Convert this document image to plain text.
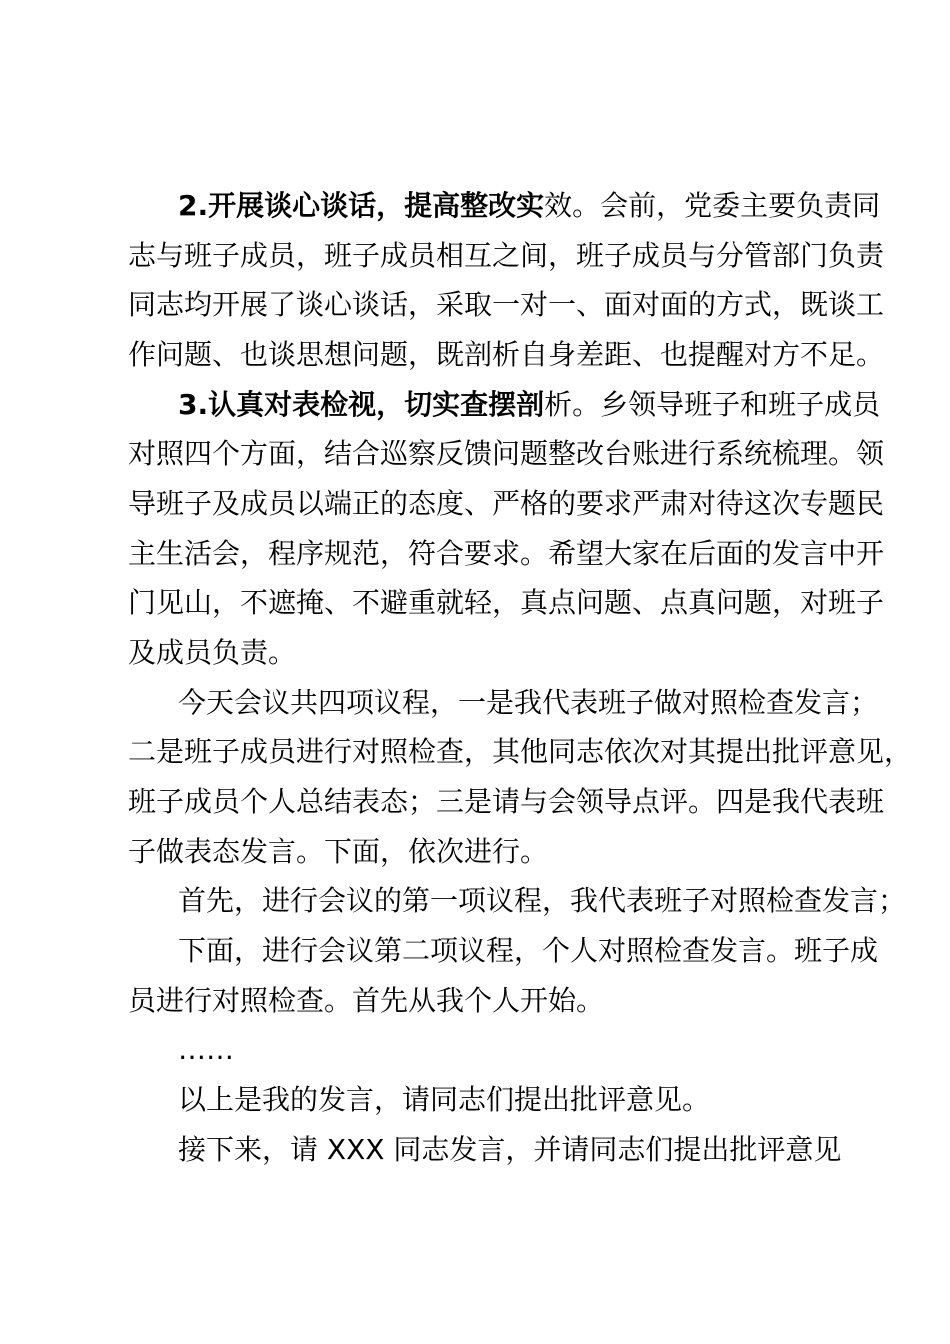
2.开展谈心谈话，提高整改实效。会前，党委主要负责同
志与班子成员，班子成员相互之间，班子成员与分管部门负责
同志均开展了谈心谈话，采取一对一、面对面的方式，既谈工
作问题、也谈思想问题，既剖析自身差距、也提醒对方不足。
3.认真对表检视，切实查摆剖析。乡领导班子和班子成员
对照四个方面，结合巡察反馈问题整改台账进行系统梳理。领
导班子及成员以端正的态度、严格的要求严肃对待这次专题民
主生活会，程序规范，符合要求。希望大家在后面的发言中开
门见山，不遮掩、不避重就轻，真点问题、点真问题，对班子
及成员负责。
今天会议共四项议程，一是我代表班子做对照检查发言；
二是班子成员进行对照检查，其他同志依次对其提出批评意见，
班子成员个人总结表态；三是请与会领导点评。四是我代表班
子做表态发言。下面，依次进行。
首先，进行会议的第一项议程，我代表班子对照检查发言；
下面，进行会议第二项议程，个人对照检查发言。班子成
员进行对照检查。首先从我个人开始。
……
以上是我的发言，请同志们提出批评意见。
接下来，请 XXX 同志发言，并请同志们提出批评意见
